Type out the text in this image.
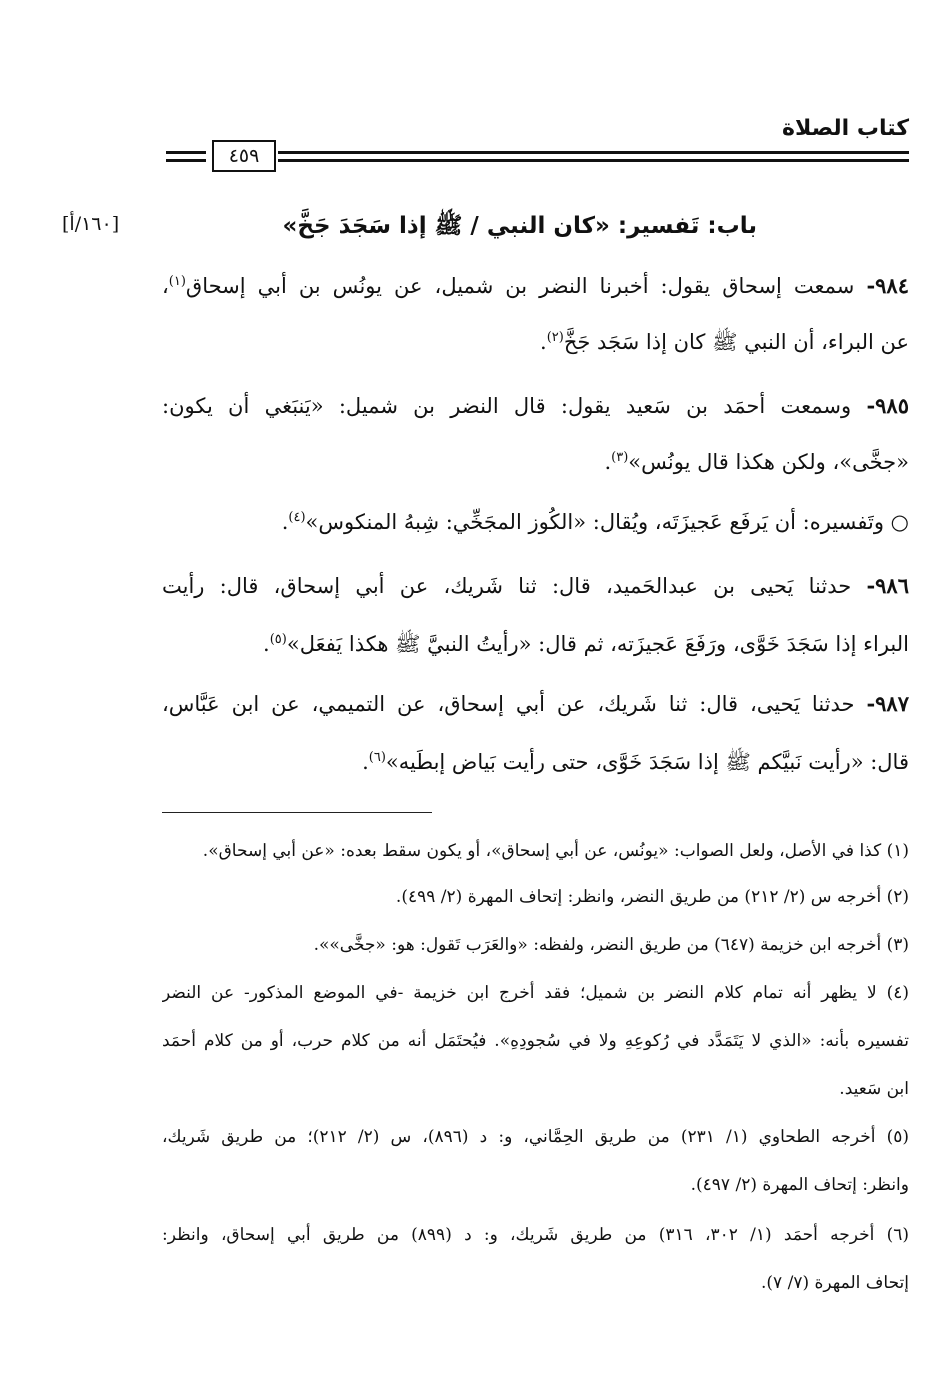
كتاب الصلاة
٤٥٩
[١٦٠/أ]	باب: تَفسير: «كان النبي / ﷺ إذا سَجَدَ جَخَّ»
٩٨٤- سمعت إسحاق يقول: أخبرنا النضر بن شميل، عن يونُس بن أبي إسحاق$^{(١)}$،
عن البراء، أن النبي ﷺ كان إذا سَجَد جَخَّ$^{(٢)}$.
٩٨٥- وسمعت أحمَد بن سَعيد يقول: قال النضر بن شميل: «يَنبَغي أن يكون:
«جخَّى»، ولكن هكذا قال يونُس»$^{(٣)}$.
○ وتَفسيره: أن يَرفَع عَجيزَتَه، ويُقال: «الكُوز المجَخِّي: شِبهُ المنكوس»$^{(٤)}$.
٩٨٦- حدثنا يَحيى بن عبدالحَميد، قال: ثنا شَريك، عن أبي إسحاق، قال: رأيت
البراء إذا سَجَدَ خَوَّى، ورَفَعَ عَجيزَته، ثم قال: «رأيتُ النبيَّ ﷺ هكذا يَفعَل»$^{(٥)}$.
٩٨٧- حدثنا يَحيى، قال: ثنا شَريك، عن أبي إسحاق، عن التميمي، عن ابن عَبَّاس،
قال: «رأيت نَبيَّكم ﷺ إذا سَجَدَ خَوَّى، حتى رأيت بَياض إبطَيه»$^{(٦)}$.
(١) كذا في الأصل، ولعل الصواب: «يونُس، عن أبي إسحاق»، أو يكون سقط بعده: «عن أبي إسحاق».
(٢) أخرجه س (٢/ ٢١٢) من طريق النضر، وانظر: إتحاف المهرة (٢/ ٤٩٩).
(٣) أخرجه ابن خزيمة (٦٤٧) من طريق النضر، ولفظه: «والعَرَب تَقول: هو: «جخَّى»».
(٤) لا يظهر أنه تمام كلام النضر بن شميل؛ فقد أخرج ابن خزيمة -في الموضع المذكور- عن النضر
تفسيره بأنه: «الذي لا يَتَمَدَّد في رُكوعِهِ ولا في سُجودِهِ». فيُحتَمَل أنه من كلام حرب، أو من كلام أحمَد
ابن سَعيد.
(٥) أخرجه الطحاوي (١/ ٢٣١) من طريق الحِمَّاني، و: د (٨٩٦)، س (٢/ ٢١٢)؛ من طريق شَريك،
وانظر: إتحاف المهرة (٢/ ٤٩٧).
(٦) أخرجه أحمَد (١/ ٣٠٢، ٣١٦) من طريق شَريك، و: د (٨٩٩) من طريق أبي إسحاق، وانظر:
إتحاف المهرة (٧/ ٧).
